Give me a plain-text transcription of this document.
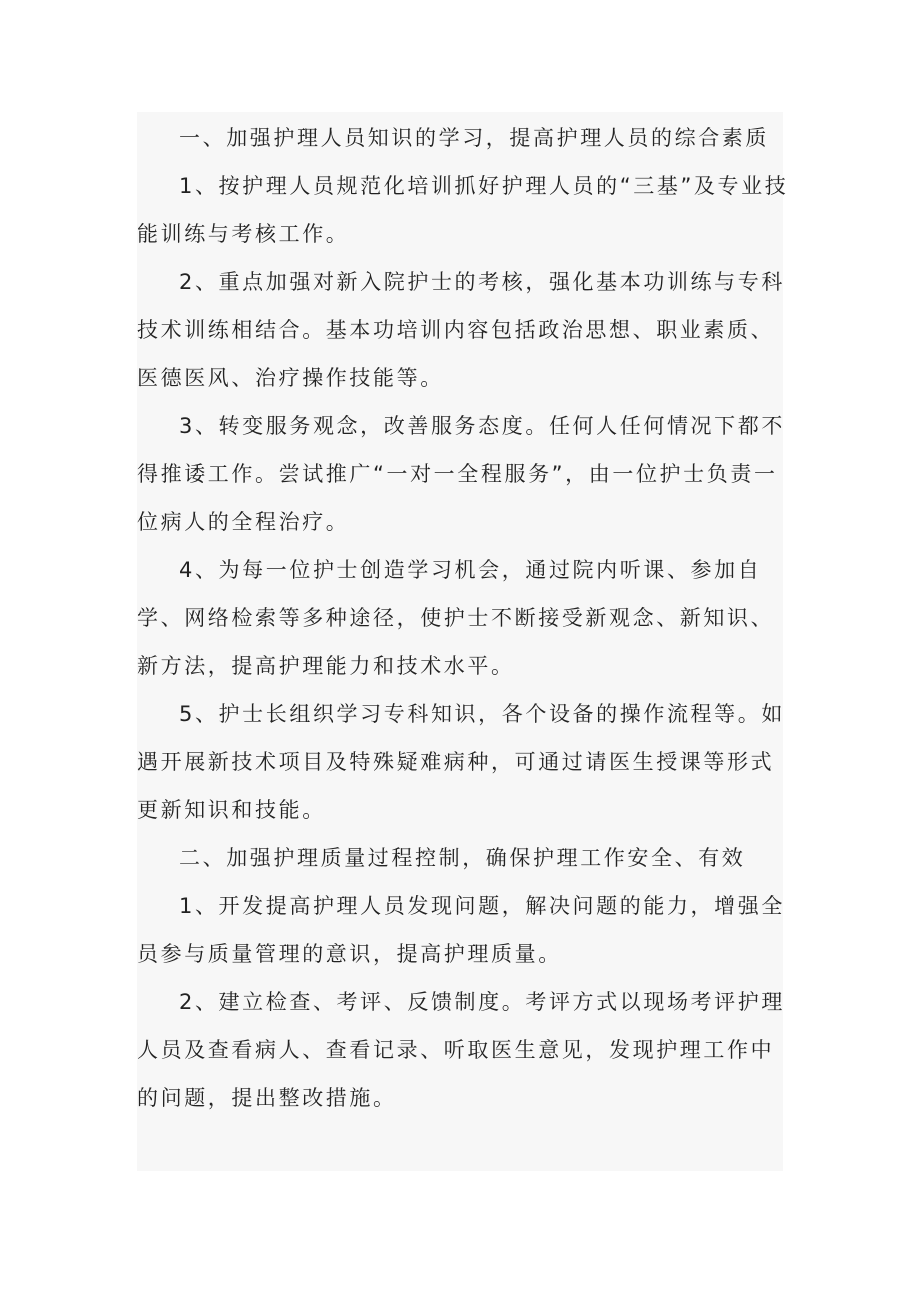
一、加强护理人员知识的学习，提高护理人员的综合素质

1、按护理人员规范化培训抓好护理人员的“三基”及专业技能训练与考核工作。

2、重点加强对新入院护士的考核，强化基本功训练与专科技术训练相结合。基本功培训内容包括政治思想、职业素质、医德医风、治疗操作技能等。

3、转变服务观念，改善服务态度。任何人任何情况下都不得推诿工作。尝试推广“一对一全程服务”，由一位护士负责一位病人的全程治疗。

4、为每一位护士创造学习机会，通过院内听课、参加自学、网络检索等多种途径，使护士不断接受新观念、新知识、新方法，提高护理能力和技术水平。

5、护士长组织学习专科知识，各个设备的操作流程等。如遇开展新技术项目及特殊疑难病种，可通过请医生授课等形式更新知识和技能。

二、加强护理质量过程控制，确保护理工作安全、有效

1、开发提高护理人员发现问题，解决问题的能力，增强全员参与质量管理的意识，提高护理质量。

2、建立检查、考评、反馈制度。考评方式以现场考评护理人员及查看病人、查看记录、听取医生意见，发现护理工作中的问题，提出整改措施。
